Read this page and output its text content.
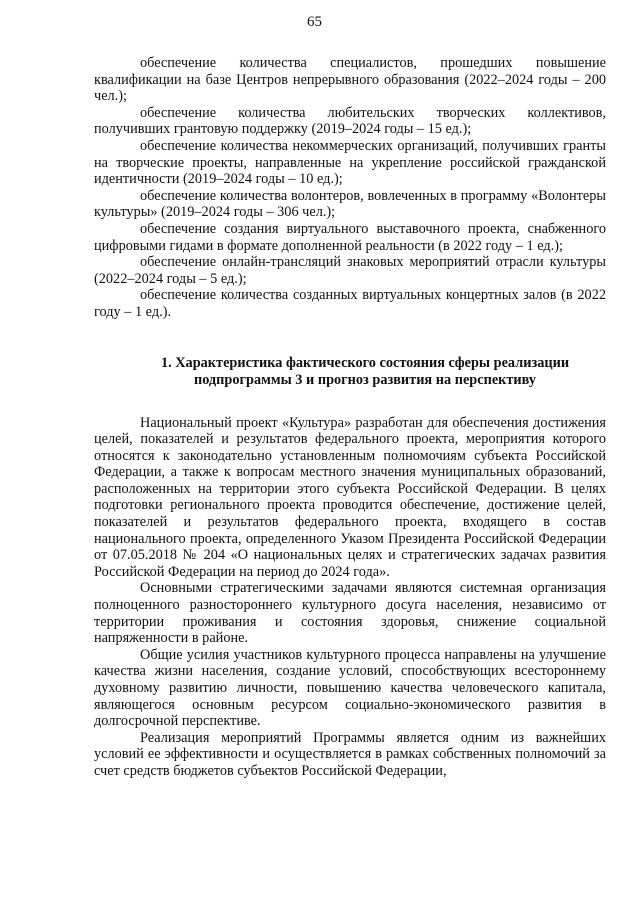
65

обеспечение количества специалистов, прошедших повышение квалификации на базе Центров непрерывного образования (2022–2024 годы – 200 чел.);

обеспечение количества любительских творческих коллективов, получивших грантовую поддержку (2019–2024 годы – 15 ед.);

обеспечение количества некоммерческих организаций, получивших гранты на творческие проекты, направленные на укрепление российской гражданской идентичности (2019–2024 годы – 10 ед.);

обеспечение количества волонтеров, вовлеченных в программу «Волонтеры культуры» (2019–2024 годы – 306 чел.);

обеспечение создания виртуального выставочного проекта, снабженного цифровыми гидами в формате дополненной реальности (в 2022 году – 1 ед.);

обеспечение онлайн-трансляций знаковых мероприятий отрасли культуры (2022–2024 годы – 5 ед.);

обеспечение количества созданных виртуальных концертных залов (в 2022 году – 1 ед.).

1. Характеристика фактического состояния сферы реализации
подпрограммы 3 и прогноз развития на перспективу

Национальный проект «Культура» разработан для обеспечения достижения целей, показателей и результатов федерального проекта, мероприятия которого относятся к законодательно установленным полномочиям субъекта Российской Федерации, а также к вопросам местного значения муниципальных образований, расположенных на территории этого субъекта Российской Федерации. В целях подготовки регионального проекта проводится обеспечение, достижение целей, показателей и результатов федерального проекта, входящего в состав национального проекта, определенного Указом Президента Российской Федерации от 07.05.2018 № 204 «О национальных целях и стратегических задачах развития Российской Федерации на период до 2024 года».

Основными стратегическими задачами являются системная организация полноценного разностороннего культурного досуга населения, независимо от территории проживания и состояния здоровья, снижение социальной напряженности в районе.

Общие усилия участников культурного процесса направлены на улучшение качества жизни населения, создание условий, способствующих всестороннему духовному развитию личности, повышению качества человеческого капитала, являющегося основным ресурсом социально-экономического развития в долгосрочной перспективе.

Реализация мероприятий Программы является одним из важнейших условий ее эффективности и осуществляется в рамках собственных полномочий за счет средств бюджетов субъектов Российской Федерации,
